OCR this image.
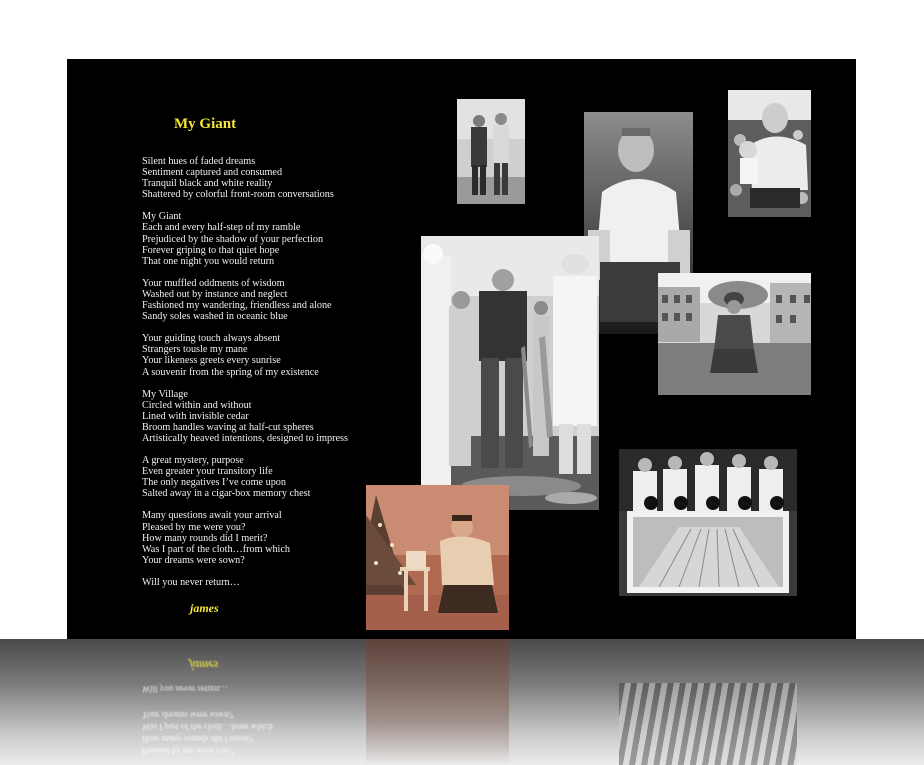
My Giant
Silent hues of faded dreams
Sentiment captured and consumed
Tranquil black and white reality
Shattered by colorful front-room conversations
My Giant
Each and every half-step of my ramble
Prejudiced by the shadow of your perfection
Forever griping to that quiet hope
That one night you would return
Your muffled oddments of wisdom
Washed out by instance and neglect
Fashioned my wandering, friendless and alone
Sandy soles washed in oceanic blue
Your guiding touch always absent
Strangers tousle my mane
Your likeness greets every sunrise
A souvenir from the spring of my existence
My Village
Circled within and without
Lined with invisible cedar
Broom handles waving at half-cut spheres
Artistically heaved intentions, designed to impress
A great mystery, purpose
Even greater your transitory life
The only negatives I’ve come upon
Salted away in a cigar-box memory chest
Many questions await your arrival
Pleased by me were you?
How many rounds did I merit?
Was I part of the cloth…from which
Your dreams were sown?
Will you never return…
james
james
Will you never return…
Your dreams were sown?
Was I part of the cloth…from which
How many rounds did I merit?
Pleased by me were you?
